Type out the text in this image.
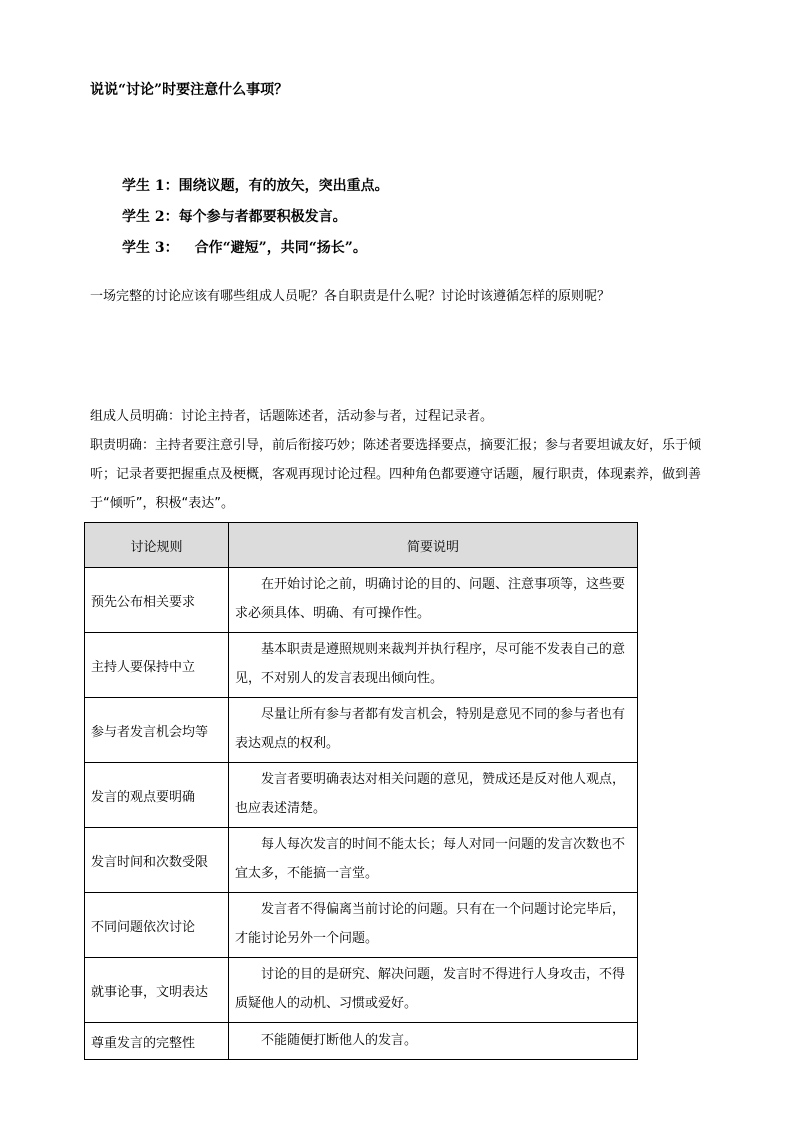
说说“讨论”时要注意什么事项？
学生 1：围绕议题，有的放矢，突出重点。
学生 2：每个参与者都要积极发言。
学生 3： 合作“避短”，共同“扬长”。
一场完整的讨论应该有哪些组成人员呢？各自职责是什么呢？讨论时该遵循怎样的原则呢？
组成人员明确：讨论主持者，话题陈述者，活动参与者，过程记录者。
职责明确：主持者要注意引导，前后衔接巧妙；陈述者要选择要点，摘要汇报；参与者要坦诚友好，乐于倾听；记录者要把握重点及梗概，客观再现讨论过程。四种角色都要遵守话题，履行职责，体现素养，做到善于“倾听”，积极“表达”。
讨论规则	简要说明
预先公布相关要求	在开始讨论之前，明确讨论的目的、问题、注意事项等，这些要求必须具体、明确、有可操作性。
主持人要保持中立	基本职责是遵照规则来裁判并执行程序，尽可能不发表自己的意见，不对别人的发言表现出倾向性。
参与者发言机会均等	尽量让所有参与者都有发言机会，特别是意见不同的参与者也有表达观点的权利。
发言的观点要明确	发言者要明确表达对相关问题的意见，赞成还是反对他人观点，也应表述清楚。
发言时间和次数受限	每人每次发言的时间不能太长；每人对同一问题的发言次数也不宜太多，不能搞一言堂。
不同问题依次讨论	发言者不得偏离当前讨论的问题。只有在一个问题讨论完毕后，才能讨论另外一个问题。
就事论事，文明表达	讨论的目的是研究、解决问题，发言时不得进行人身攻击，不得质疑他人的动机、习惯或爱好。
尊重发言的完整性	不能随便打断他人的发言。
